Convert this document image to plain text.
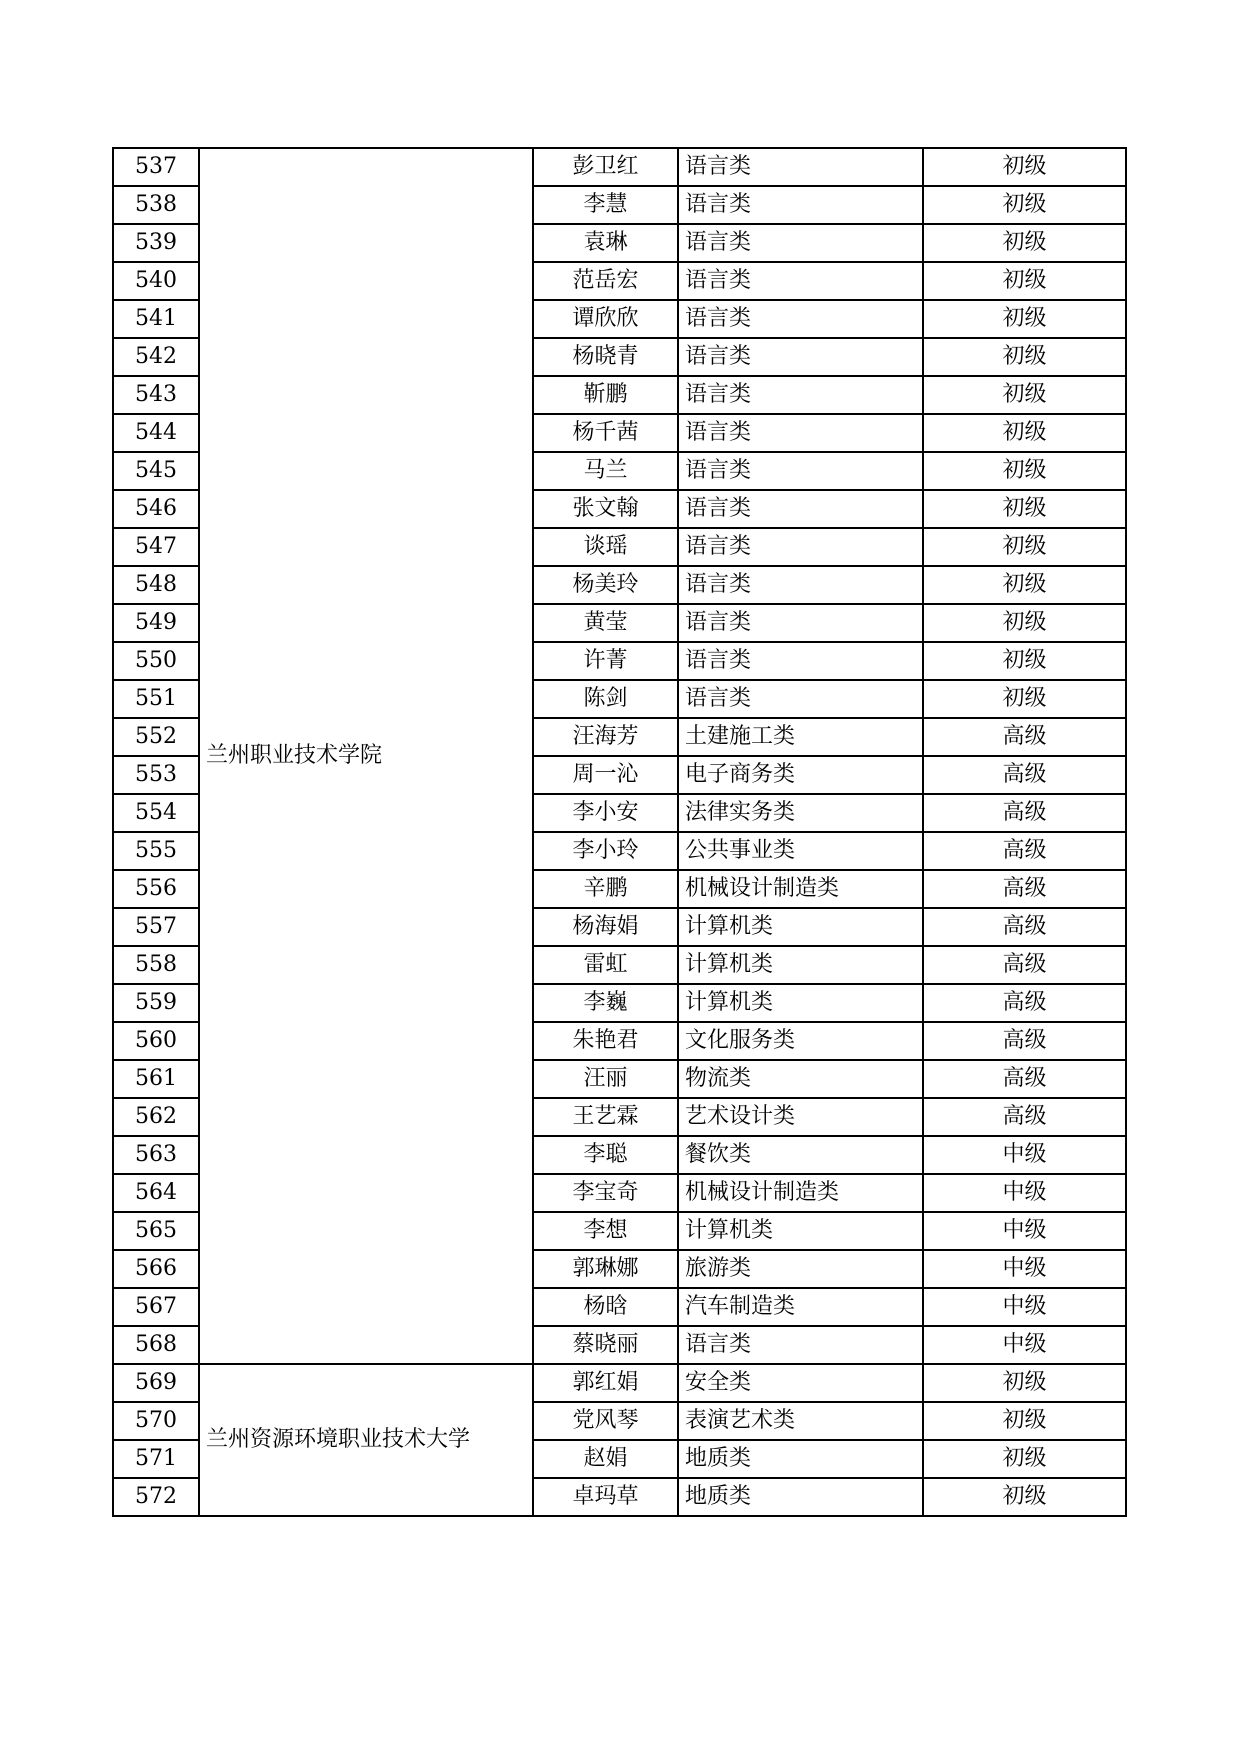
537	兰州职业技术学院	彭卫红	语言类	初级
538		李慧	语言类	初级
539		袁琳	语言类	初级
540		范岳宏	语言类	初级
541		谭欣欣	语言类	初级
542		杨晓青	语言类	初级
543		靳鹏	语言类	初级
544		杨千茜	语言类	初级
545		马兰	语言类	初级
546		张文翰	语言类	初级
547		谈瑶	语言类	初级
548		杨美玲	语言类	初级
549		黄莹	语言类	初级
550		许菁	语言类	初级
551		陈剑	语言类	初级
552		汪海芳	土建施工类	高级
553		周一沁	电子商务类	高级
554		李小安	法律实务类	高级
555		李小玲	公共事业类	高级
556		辛鹏	机械设计制造类	高级
557		杨海娟	计算机类	高级
558		雷虹	计算机类	高级
559		李巍	计算机类	高级
560		朱艳君	文化服务类	高级
561		汪丽	物流类	高级
562		王艺霖	艺术设计类	高级
563		李聪	餐饮类	中级
564		李宝奇	机械设计制造类	中级
565		李想	计算机类	中级
566		郭琳娜	旅游类	中级
567		杨晗	汽车制造类	中级
568		蔡晓丽	语言类	中级
569	兰州资源环境职业技术大学	郭红娟	安全类	初级
570		党风琴	表演艺术类	初级
571		赵娟	地质类	初级
572		卓玛草	地质类	初级
